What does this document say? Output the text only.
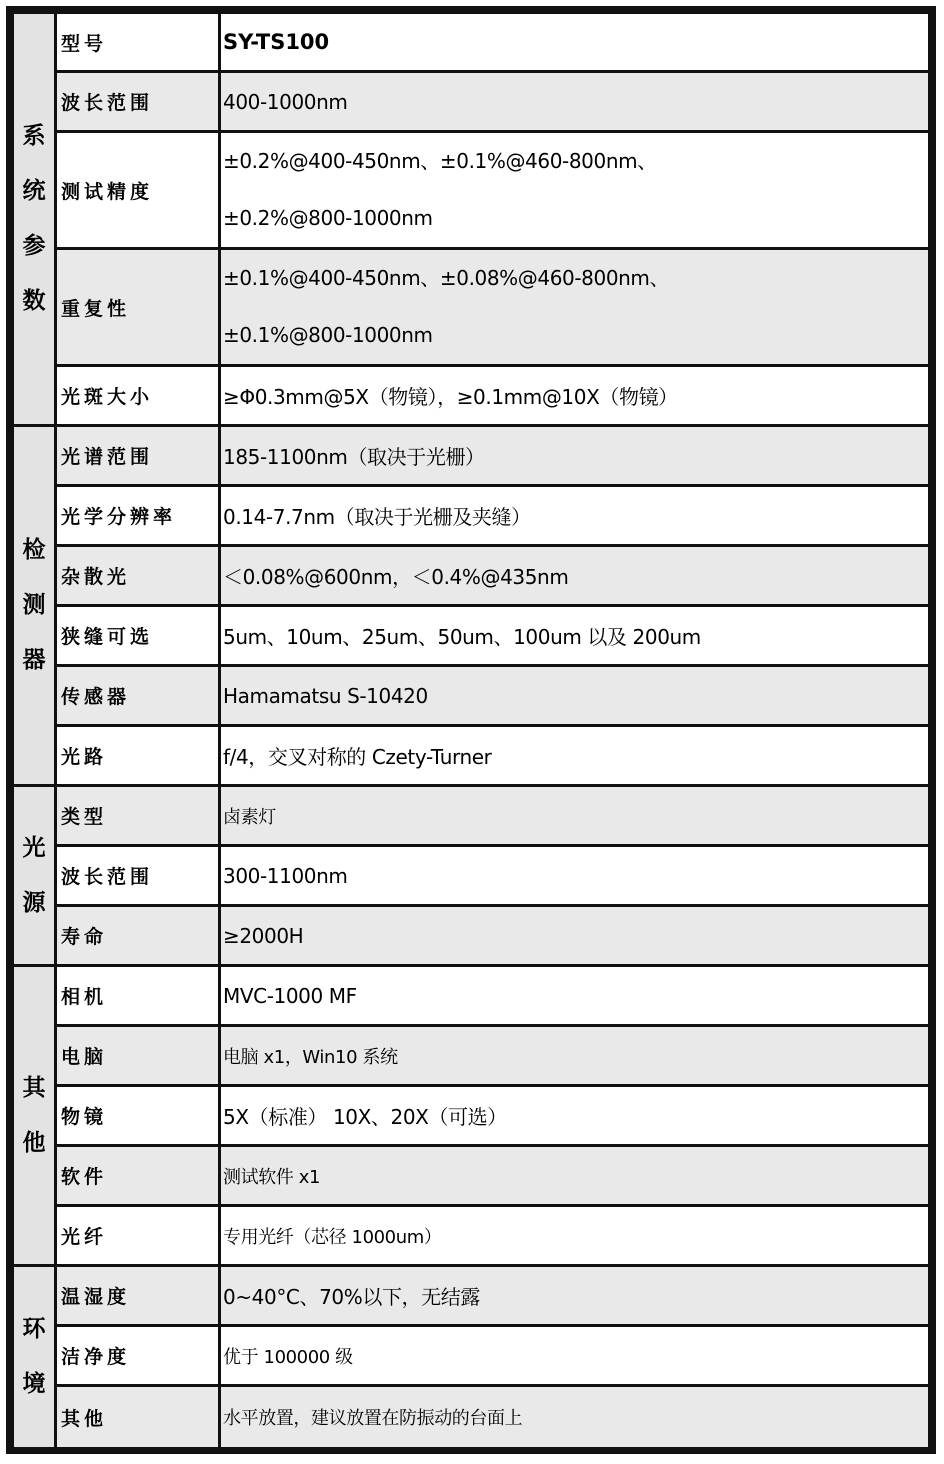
系
统
参
数	型号	SY-TS100
	波长范围	400-1000nm
	测试精度	±0.2%@400-450nm、±0.1%@460-800nm、
±0.2%@800-1000nm

	重复性	±0.1%@400-450nm、±0.08%@460-800nm、
±0.1%@800-1000nm

	光斑大小	≥Φ0.3mm@5X（物镜），≥0.1mm@10X（物镜）

检
测
器	光谱范围	185-1100nm（取决于光栅）
	光学分辨率	0.14-7.7nm（取决于光栅及夹缝）
	杂散光	＜0.08%@600nm，＜0.4%@435nm
	狭缝可选	5um、10um、25um、50um、100um 以及 200um
	传感器	Hamamatsu S-10420
	光路	f/4，交叉对称的 Czety-Turner

光
源	类型	卤素灯
	波长范围	300-1100nm
	寿命	≥2000H

其
他	相机	MVC-1000 MF
	电脑	电脑 x1，Win10 系统
	物镜	5X（标准） 10X、20X（可选）
	软件	测试软件 x1
	光纤	专用光纤（芯径 1000um）

环
境	温湿度	0~40°C、70%以下，无结露
	洁净度	优于 100000 级
	其他	水平放置，建议放置在防振动的台面上
